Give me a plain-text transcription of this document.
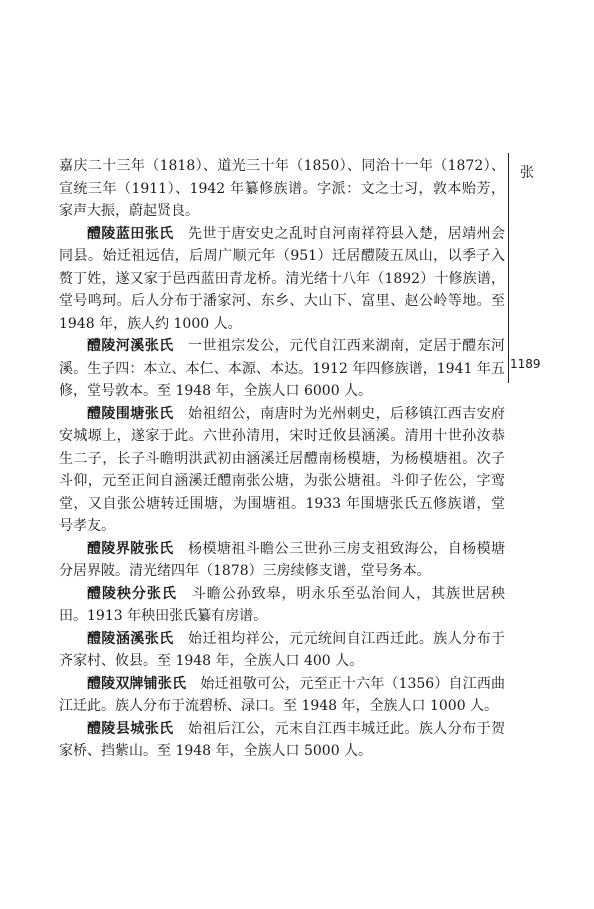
张
1189

嘉庆二十三年（1818）、道光三十年（1850）、同治十一年（1872）、宣统三年（1911）、1942 年纂修族谱。字派：文之士习，敦本贻芳，家声大振，蔚起贤良。

醴陵蓝田张氏　 先世于唐安史之乱时自河南祥符县入楚，居靖州会同县。始迁祖远佶，后周广顺元年（951）迁居醴陵五凤山，以季子入赘丁姓，遂又家于邑西蓝田青龙桥。清光绪十八年（1892）十修族谱，堂号鸣珂。后人分布于潘家河、东乡、大山下、富里、赵公岭等地。至 1948 年，族人约 1000 人。

醴陵河溪张氏　 一世祖宗发公，元代自江西来湖南，定居于醴东河溪。生子四：本立、本仁、本源、本达。1912 年四修族谱，1941 年五修，堂号敦本。至 1948 年，全族人口 6000 人。

醴陵围塘张氏　 始祖绍公，南唐时为光州刺史，后移镇江西吉安府安城塬上，遂家于此。六世孙清用，宋时迁攸县涵溪。清用十世孙汝恭生二子，长子斗瞻明洪武初由涵溪迁居醴南杨模塘，为杨模塘祖。次子斗仰，元至正间自涵溪迁醴南张公塘，为张公塘祖。斗仰子佐公，字鸾堂，又自张公塘转迁围塘，为围塘祖。1933 年围塘张氏五修族谱，堂号孝友。

醴陵界陂张氏　 杨模塘祖斗瞻公三世孙三房支祖致海公，自杨模塘分居界陂。清光绪四年（1878）三房续修支谱，堂号务本。

醴陵秧分张氏　 斗瞻公孙致皋，明永乐至弘治间人，其族世居秧田。1913 年秧田张氏纂有房谱。

醴陵涵溪张氏　 始迁祖均祥公，元元统间自江西迁此。族人分布于齐家村、攸县。至 1948 年，全族人口 400 人。

醴陵双牌铺张氏　 始迁祖敬可公，元至正十六年（1356）自江西曲江迁此。族人分布于流碧桥、渌口。至 1948 年，全族人口 1000 人。

醴陵县城张氏　 始祖后江公，元末自江西丰城迁此。族人分布于贺家桥、挡紫山。至 1948 年，全族人口 5000 人。
